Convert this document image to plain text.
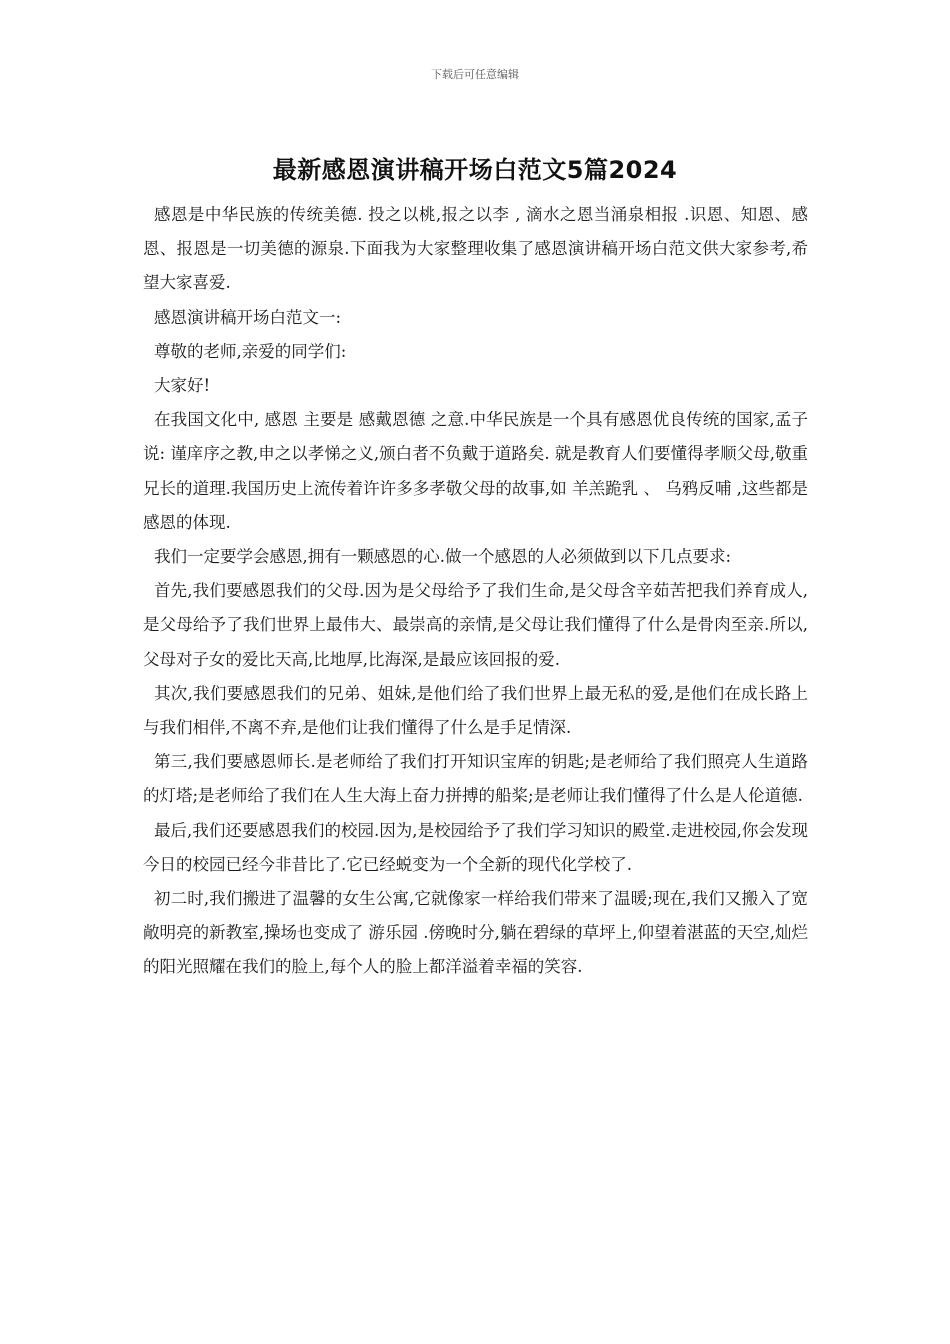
下载后可任意编辑
最新感恩演讲稿开场白范文5篇2024

感恩是中华民族的传统美德. 投之以桃,报之以李 , 滴水之恩当涌泉相报 .识恩、知恩、感恩、报恩是一切美德的源泉.下面我为大家整理收集了感恩演讲稿开场白范文供大家参考,希望大家喜爱.

感恩演讲稿开场白范文一:

尊敬的老师,亲爱的同学们:

大家好!

在我国文化中, 感恩 主要是 感戴恩德 之意.中华民族是一个具有感恩优良传统的国家,孟子说: 谨庠序之教,申之以孝悌之义,颁白者不负戴于道路矣. 就是教育人们要懂得孝顺父母,敬重兄长的道理.我国历史上流传着许许多多孝敬父母的故事,如 羊羔跪乳 、 乌鸦反哺 ,这些都是感恩的体现.

我们一定要学会感恩,拥有一颗感恩的心.做一个感恩的人必须做到以下几点要求:

首先,我们要感恩我们的父母.因为是父母给予了我们生命,是父母含辛茹苦把我们养育成人,是父母给予了我们世界上最伟大、最崇高的亲情,是父母让我们懂得了什么是骨肉至亲.所以,父母对子女的爱比天高,比地厚,比海深,是最应该回报的爱.

其次,我们要感恩我们的兄弟、姐妹,是他们给了我们世界上最无私的爱,是他们在成长路上与我们相伴,不离不弃,是他们让我们懂得了什么是手足情深.

第三,我们要感恩师长.是老师给了我们打开知识宝库的钥匙;是老师给了我们照亮人生道路的灯塔;是老师给了我们在人生大海上奋力拼搏的船桨;是老师让我们懂得了什么是人伦道德.

最后,我们还要感恩我们的校园.因为,是校园给予了我们学习知识的殿堂.走进校园,你会发现今日的校园已经今非昔比了.它已经蜕变为一个全新的现代化学校了.

初二时,我们搬进了温馨的女生公寓,它就像家一样给我们带来了温暖;现在,我们又搬入了宽敞明亮的新教室,操场也变成了 游乐园 .傍晚时分,躺在碧绿的草坪上,仰望着湛蓝的天空,灿烂的阳光照耀在我们的脸上,每个人的脸上都洋溢着幸福的笑容.
